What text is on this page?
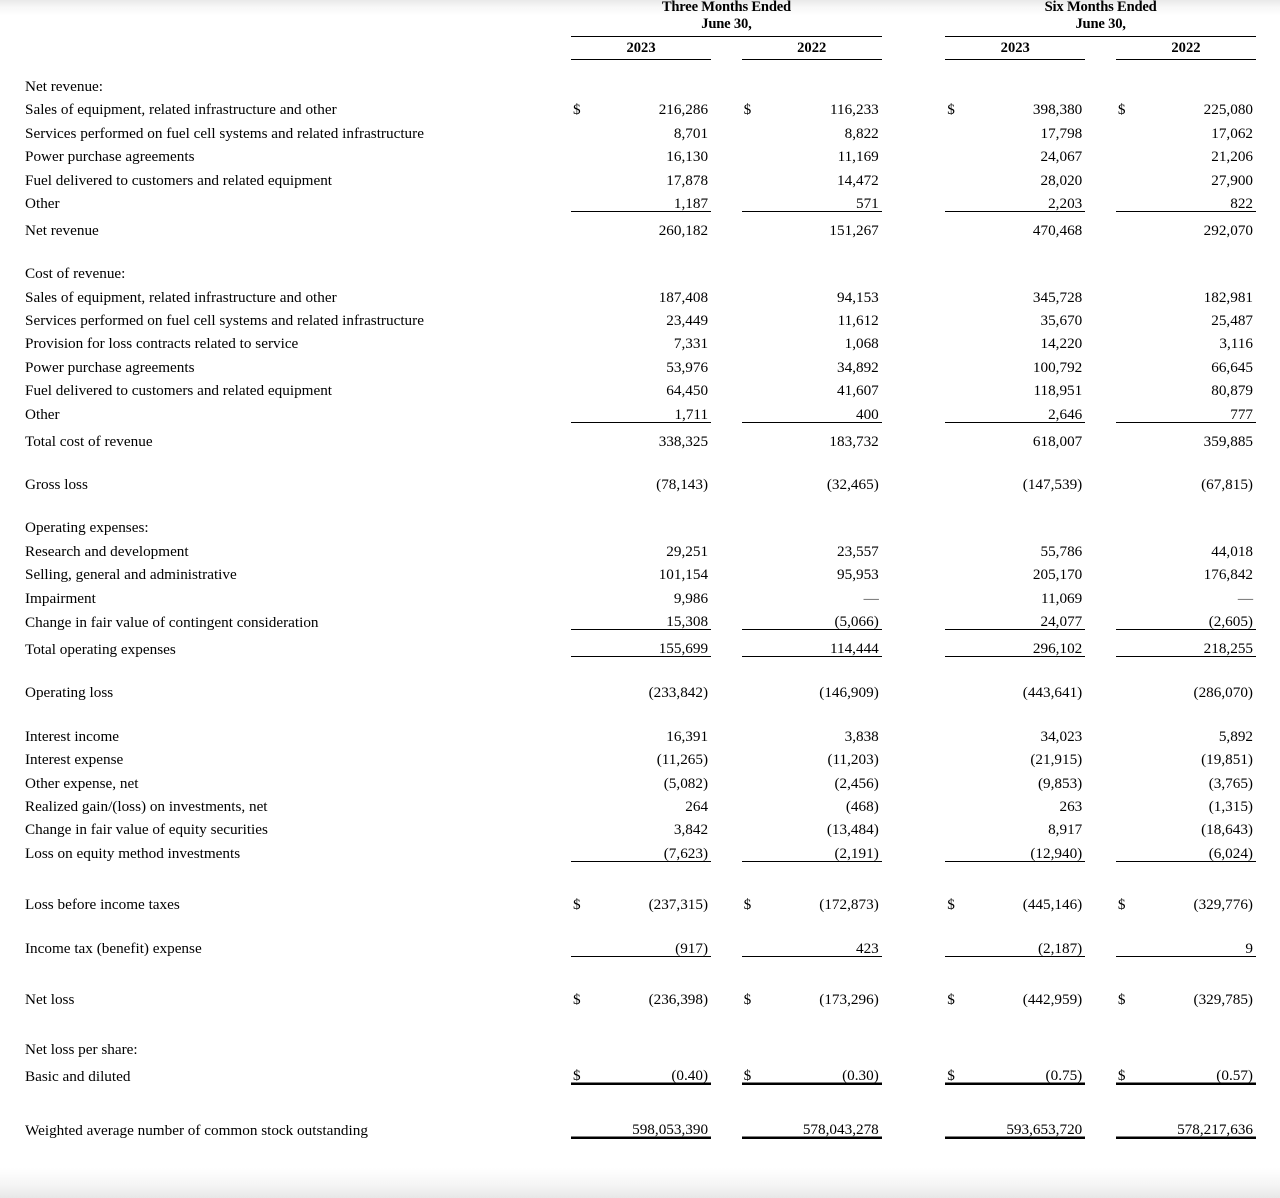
		Three Months Ended						Six Months Ended				
		June 30,						June 30,				

		2023			2022			2023			2022	

Net revenue:												
Sales of equipment, related infrastructure and other		$	216,286		$	116,233		$	398,380		$	225,080
Services performed on fuel cell systems and related infrastructure			8,701			8,822			17,798			17,062
Power purchase agreements			16,130			11,169			24,067			21,206
Fuel delivered to customers and related equipment			17,878			14,472			28,020			27,900
Other			1,187			571			2,203			822
Net revenue			260,182			151,267			470,468			292,070

Cost of revenue:												
Sales of equipment, related infrastructure and other			187,408			94,153			345,728			182,981
Services performed on fuel cell systems and related infrastructure			23,449			11,612			35,670			25,487
Provision for loss contracts related to service			7,331			1,068			14,220			3,116
Power purchase agreements			53,976			34,892			100,792			66,645
Fuel delivered to customers and related equipment			64,450			41,607			118,951			80,879
Other			1,711			400			2,646			777
Total cost of revenue			338,325			183,732			618,007			359,885

Gross loss			(78,143)			(32,465)			(147,539)			(67,815)

Operating expenses:												
Research and development			29,251			23,557			55,786			44,018
Selling, general and administrative			101,154			95,953			205,170			176,842
Impairment			9,986			—			11,069			—
Change in fair value of contingent consideration			15,308			(5,066)			24,077			(2,605)
Total operating expenses			155,699			114,444			296,102			218,255

Operating loss			(233,842)			(146,909)			(443,641)			(286,070)

Interest income			16,391			3,838			34,023			5,892
Interest expense			(11,265)			(11,203)			(21,915)			(19,851)
Other expense, net			(5,082)			(2,456)			(9,853)			(3,765)
Realized gain/(loss) on investments, net			264			(468)			263			(1,315)
Change in fair value of equity securities			3,842			(13,484)			8,917			(18,643)
Loss on equity method investments			(7,623)			(2,191)			(12,940)			(6,024)

Loss before income taxes		$	(237,315)		$	(172,873)		$	(445,146)		$	(329,776)

Income tax (benefit) expense			(917)			423			(2,187)			9

Net loss		$	(236,398)		$	(173,296)		$	(442,959)		$	(329,785)

Net loss per share:												
Basic and diluted		$	(0.40)		$	(0.30)		$	(0.75)		$	(0.57)

Weighted average number of common stock outstanding			598,053,390			578,043,278			593,653,720			578,217,636
